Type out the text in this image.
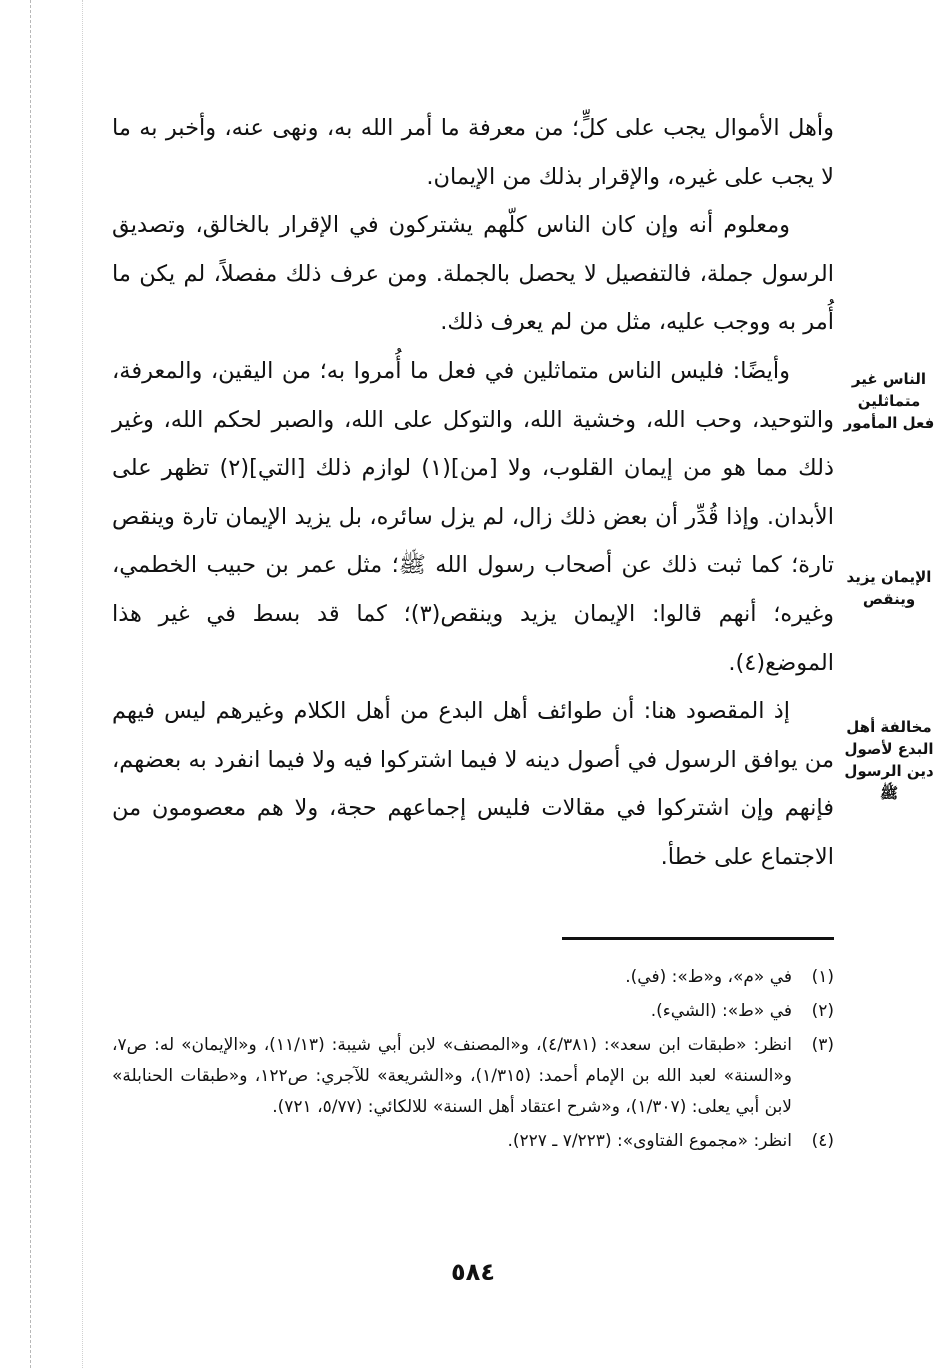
وأهل الأموال يجب على كلٍّ؛ من معرفة ما أمر الله به، ونهى عنه، وأخبر به ما لا يجب على غيره، والإقرار بذلك من الإيمان.

ومعلوم أنه وإن كان الناس كلّهم يشتركون في الإقرار بالخالق، وتصديق الرسول جملة، فالتفصيل لا يحصل بالجملة. ومن عرف ذلك مفصلاً، لم يكن ما أُمر به ووجب عليه، مثل من لم يعرف ذلك.

وأيضًا: فليس الناس متماثلين في فعل ما أُمروا به؛ من اليقين، والمعرفة، والتوحيد، وحب الله، وخشية الله، والتوكل على الله، والصبر لحكم الله، وغير ذلك مما هو من إيمان القلوب، ولا [من](١) لوازم ذلك [التي](٢) تظهر على الأبدان. وإذا قُدِّر أن بعض ذلك زال، لم يزل سائره، بل يزيد الإيمان تارة وينقص تارة؛ كما ثبت ذلك عن أصحاب رسول الله ﷺ؛ مثل عمر بن حبيب الخطمي، وغيره؛ أنهم قالوا: الإيمان يزيد وينقص(٣)؛ كما قد بسط في غير هذا الموضع(٤).

إذ المقصود هنا: أن طوائف أهل البدع من أهل الكلام وغيرهم ليس فيهم من يوافق الرسول في أصول دينه لا فيما اشتركوا فيه ولا فيما انفرد به بعضهم، فإنهم وإن اشتركوا في مقالات فليس إجماعهم حجة، ولا هم معصومون من الاجتماع على خطأ.

الناس غير متماثلين فعل المأمور
الإيمان يزيد وينقص
مخالفة أهل البدع لأصول دين الرسول ﷺ
(١)
في «م»، و«ط»: (في).
(٢)
في «ط»: (الشيء).
(٣)
انظر: «طبقات ابن سعد»: (٤/٣٨١)، و«المصنف» لابن أبي شيبة: (١١/١٣)، و«الإيمان» له: ص٧، و«السنة» لعبد الله بن الإمام أحمد: (١/٣١٥)، و«الشريعة» للآجري: ص١٢٢، و«طبقات الحنابلة» لابن أبي يعلى: (١/٣٠٧)، و«شرح اعتقاد أهل السنة» للالكائي: (٥/٧٧، ٧٢١).
(٤)
انظر: «مجموع الفتاوى»: (٧/٢٢٣ ـ ٢٢٧).
٥٨٤
